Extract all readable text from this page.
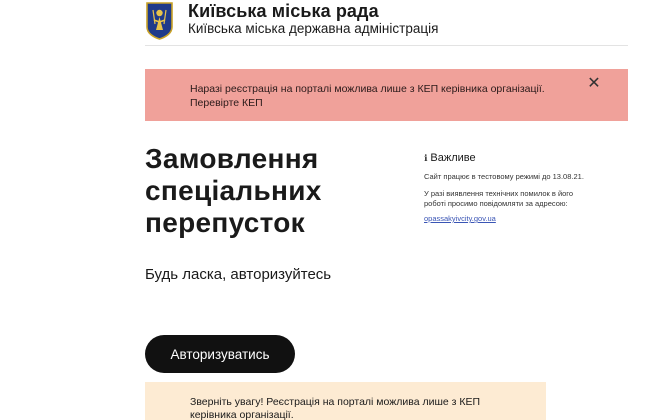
Київська міська рада
Київська міська державна адміністрація
Наразі реєстрація на порталі можлива лише з КЕП керівника організації. Перевірте КЕП
✕
Замовлення спеціальних перепусток
ℹ Важливе
Сайт працює в тестовому режимі до 13.08.21.
У разі виявлення технічних помилок в його роботі просимо повідомляти за адресою:
opassakyivcity.gov.ua
Будь ласка, авторизуйтесь
Авторизуватись
Зверніть увагу! Реєстрація на порталі можлива лише з КЕП керівника організації.
